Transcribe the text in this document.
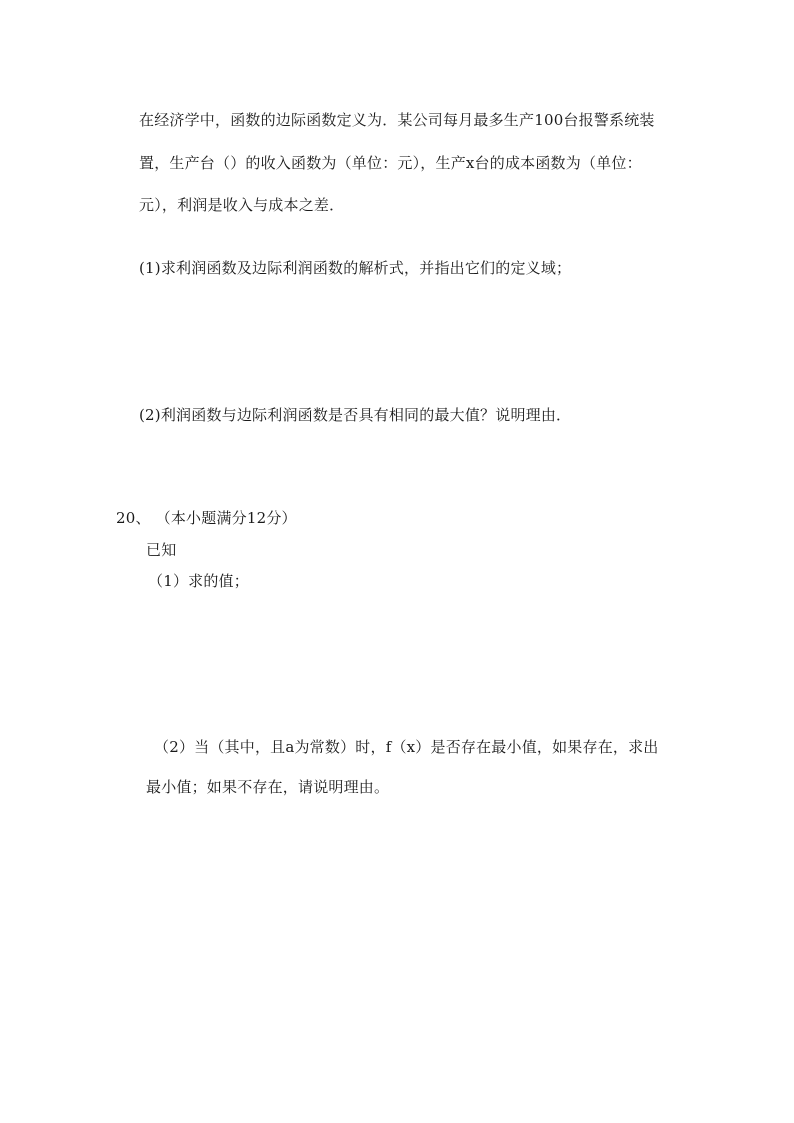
在经济学中，函数的边际函数定义为．某公司每月最多生产100台报警系统装
置，生产台（）的收入函数为（单位：元），生产x台的成本函数为（单位：
元），利润是收入与成本之差．
(1)求利润函数及边际利润函数的解析式，并指出它们的定义域；
(2)利润函数与边际利润函数是否具有相同的最大值？说明理由．
20、 （本小题满分12分）
已知
（1）求的值；
（2）当（其中，且a为常数）时，f（x）是否存在最小值，如果存在，求出
最小值；如果不存在，请说明理由。
